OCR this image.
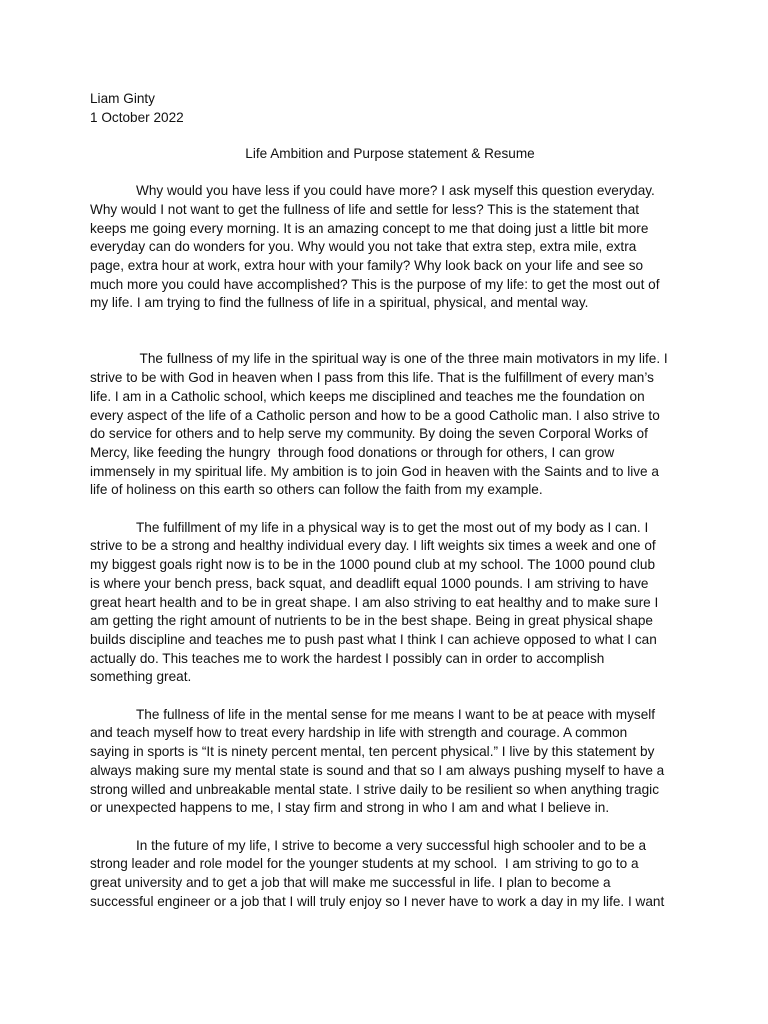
Liam Ginty

1 October 2022

Life Ambition and Purpose statement & Resume

Why would you have less if you could have more? I ask myself this question everyday.
Why would I not want to get the fullness of life and settle for less? This is the statement that
keeps me going every morning. It is an amazing concept to me that doing just a little bit more
everyday can do wonders for you. Why would you not take that extra step, extra mile, extra
page, extra hour at work, extra hour with your family? Why look back on your life and see so
much more you could have accomplished? This is the purpose of my life: to get the most out of
my life. I am trying to find the fullness of life in a spiritual, physical, and mental way.

The fullness of my life in the spiritual way is one of the three main motivators in my life. I
strive to be with God in heaven when I pass from this life. That is the fulfillment of every man’s
life. I am in a Catholic school, which keeps me disciplined and teaches me the foundation on
every aspect of the life of a Catholic person and how to be a good Catholic man. I also strive to
do service for others and to help serve my community. By doing the seven Corporal Works of
Mercy, like feeding the hungry  through food donations or through for others, I can grow
immensely in my spiritual life. My ambition is to join God in heaven with the Saints and to live a
life of holiness on this earth so others can follow the faith from my example.

The fulfillment of my life in a physical way is to get the most out of my body as I can. I
strive to be a strong and healthy individual every day. I lift weights six times a week and one of
my biggest goals right now is to be in the 1000 pound club at my school. The 1000 pound club
is where your bench press, back squat, and deadlift equal 1000 pounds. I am striving to have
great heart health and to be in great shape. I am also striving to eat healthy and to make sure I
am getting the right amount of nutrients to be in the best shape. Being in great physical shape
builds discipline and teaches me to push past what I think I can achieve opposed to what I can
actually do. This teaches me to work the hardest I possibly can in order to accomplish
something great.

The fullness of life in the mental sense for me means I want to be at peace with myself
and teach myself how to treat every hardship in life with strength and courage. A common
saying in sports is “It is ninety percent mental, ten percent physical.” I live by this statement by
always making sure my mental state is sound and that so I am always pushing myself to have a
strong willed and unbreakable mental state. I strive daily to be resilient so when anything tragic
or unexpected happens to me, I stay firm and strong in who I am and what I believe in.

In the future of my life, I strive to become a very successful high schooler and to be a
strong leader and role model for the younger students at my school.  I am striving to go to a
great university and to get a job that will make me successful in life. I plan to become a
successful engineer or a job that I will truly enjoy so I never have to work a day in my life. I want
